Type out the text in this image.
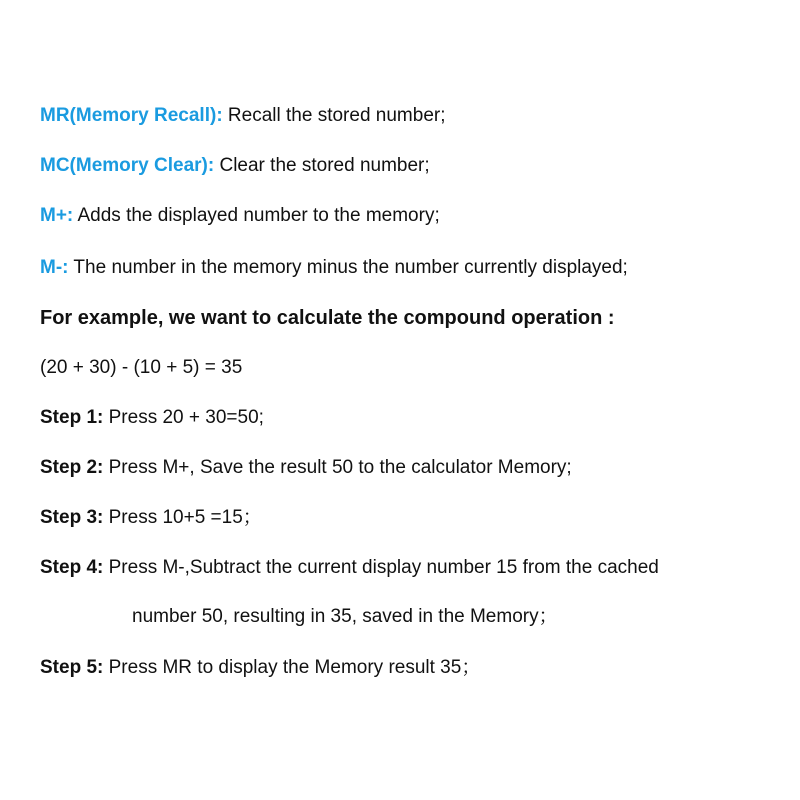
MR(Memory Recall): Recall the stored number;
MC(Memory Clear): Clear the stored number;
M+: Adds the displayed number to the memory;
M-: The number in the memory minus the number currently displayed;
For example, we want to calculate the compound operation :
(20 + 30) - (10 + 5) = 35
Step 1: Press 20 + 30=50;
Step 2: Press M+, Save the result 50 to the calculator Memory;
Step 3: Press 10+5 =15；
Step 4: Press M-,Subtract the current display number 15 from the cached
number 50, resulting in 35, saved in the Memory；
Step 5: Press MR to display the Memory result 35；
